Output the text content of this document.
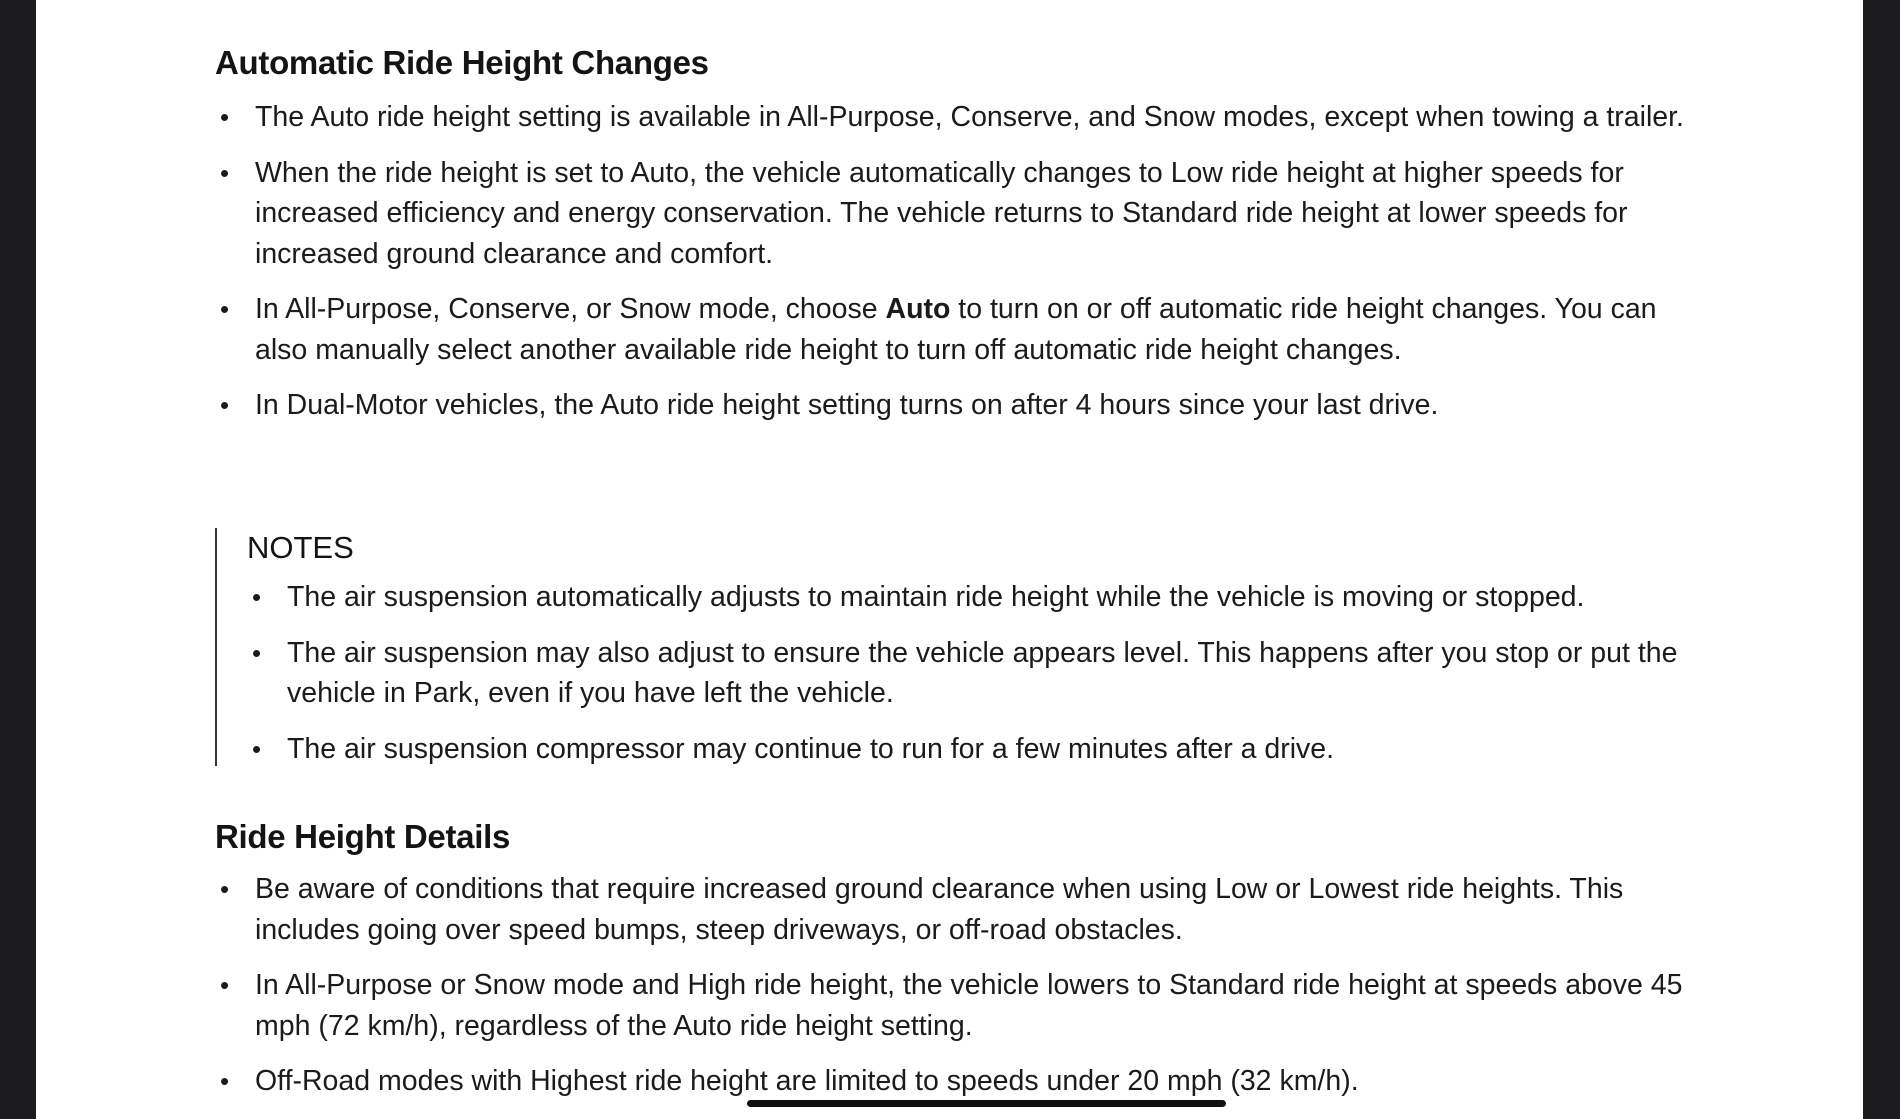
Automatic Ride Height Changes
• The Auto ride height setting is available in All-Purpose, Conserve, and Snow modes, except when towing a trailer.
• When the ride height is set to Auto, the vehicle automatically changes to Low ride height at higher speeds for increased efficiency and energy conservation. The vehicle returns to Standard ride height at lower speeds for increased ground clearance and comfort.
• In All-Purpose, Conserve, or Snow mode, choose Auto to turn on or off automatic ride height changes. You can also manually select another available ride height to turn off automatic ride height changes.
• In Dual-Motor vehicles, the Auto ride height setting turns on after 4 hours since your last drive.
NOTES
• The air suspension automatically adjusts to maintain ride height while the vehicle is moving or stopped.
• The air suspension may also adjust to ensure the vehicle appears level. This happens after you stop or put the vehicle in Park, even if you have left the vehicle.
• The air suspension compressor may continue to run for a few minutes after a drive.
Ride Height Details
• Be aware of conditions that require increased ground clearance when using Low or Lowest ride heights. This includes going over speed bumps, steep driveways, or off-road obstacles.
• In All-Purpose or Snow mode and High ride height, the vehicle lowers to Standard ride height at speeds above 45 mph (72 km/h), regardless of the Auto ride height setting.
• Off-Road modes with Highest ride height are limited to speeds under 20 mph (32 km/h).
